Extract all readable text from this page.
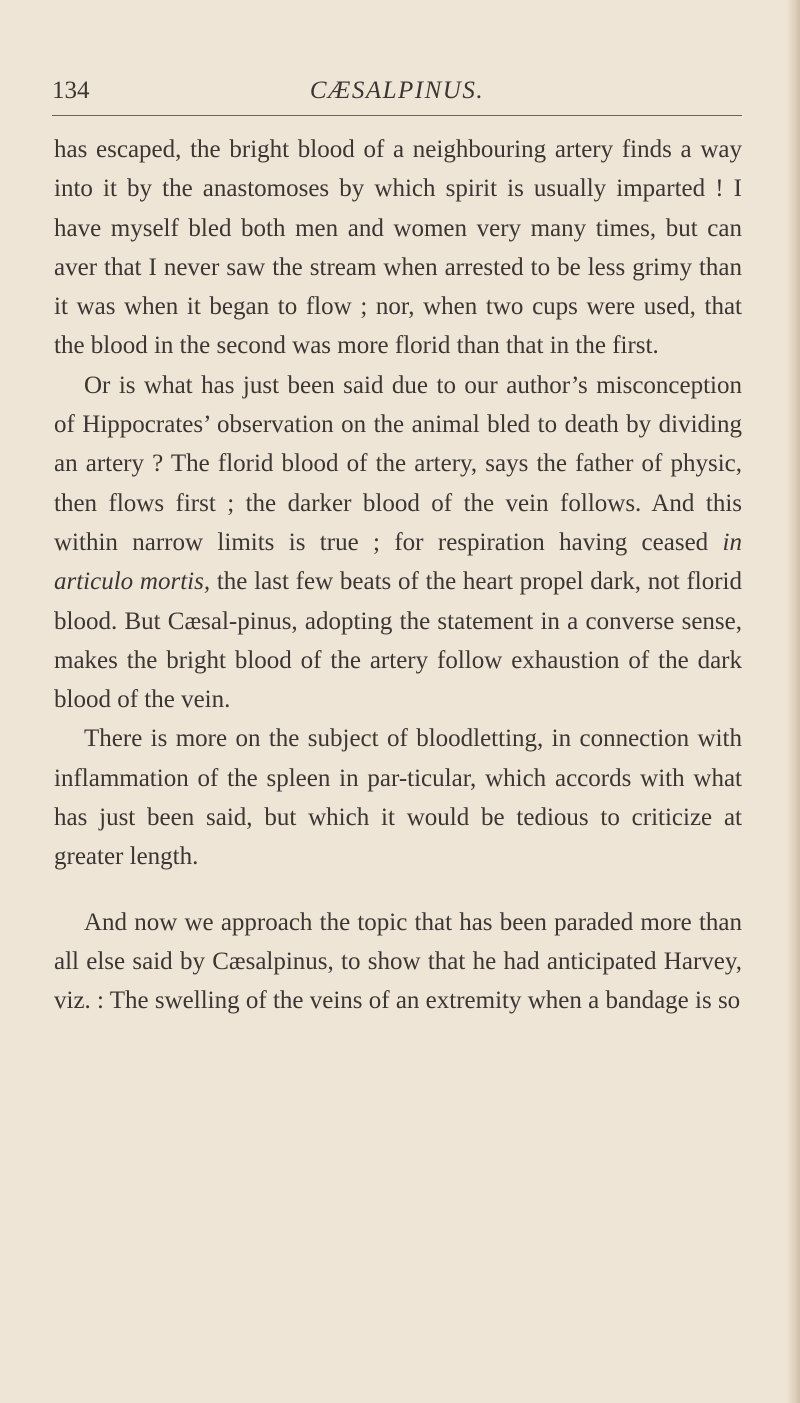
134	CÆSALPINUS.

has escaped, the bright blood of a neighbouring artery finds a way into it by the anastomoses by which spirit is usually imparted ! I have myself bled both men and women very many times, but can aver that I never saw the stream when arrested to be less grimy than it was when it began to flow ; nor, when two cups were used, that the blood in the second was more florid than that in the first.

Or is what has just been said due to our author’s misconception of Hippocrates’ observation on the animal bled to death by dividing an artery ? The florid blood of the artery, says the father of physic, then flows first ; the darker blood of the vein follows. And this within narrow limits is true ; for respiration having ceased in articulo mortis, the last few beats of the heart propel dark, not florid blood. But Cæsal-pinus, adopting the statement in a converse sense, makes the bright blood of the artery follow exhaustion of the dark blood of the vein.

There is more on the subject of bloodletting, in connection with inflammation of the spleen in par-ticular, which accords with what has just been said, but which it would be tedious to criticize at greater length.

And now we approach the topic that has been paraded more than all else said by Cæsalpinus, to show that he had anticipated Harvey, viz. : The swelling of the veins of an extremity when a bandage is so
